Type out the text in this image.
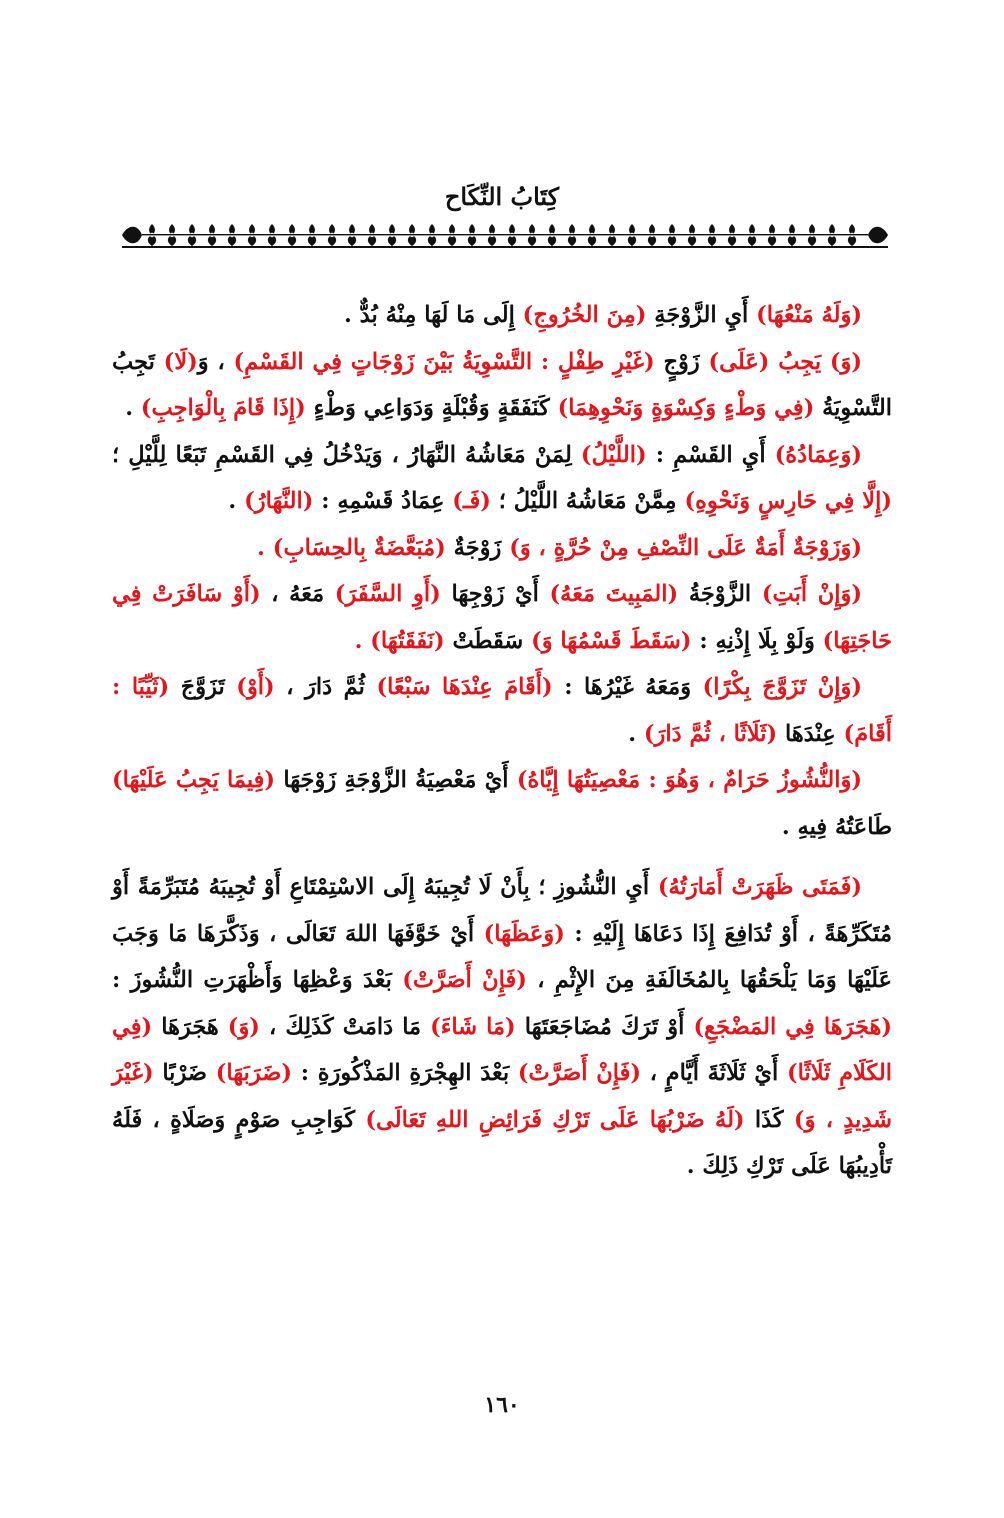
كِتَابُ النِّكَاح

(وَلَهُ مَنْعُهَا) أَيِ الزَّوْجَةِ (مِنَ الخُرُوجِ) إِلَى مَا لَهَا مِنْهُ بُدٌّ .

(وَ) يَجِبُ (عَلَى) زَوْجٍ (غَيْرِ طِفْلٍ : التَّسْوِيَةُ بَيْنَ زَوْجَاتٍ فِي القَسْمِ) ، وَ(لَا) تَجِبُ التَّسْوِيَةُ (فِي وَطْءٍ وَكِسْوَةٍ وَنَحْوِهِمَا) كَنَفَقَةٍ وَقُبْلَةٍ وَدَوَاعِي وَطْءٍ (إِذَا قَامَ بِالْوَاجِبِ) .

(وَعِمَادُهُ) أَيِ القَسْمِ : (اللَّيْلُ) لِمَنْ مَعَاشُهُ النَّهَارُ ، وَيَدْخُلُ فِي القَسْمِ تَبَعًا لِلَّيْلِ ؛ (إِلَّا فِي حَارِسٍ وَنَحْوِهِ) مِمَّنْ مَعَاشُهُ اللَّيْلُ ؛ (فَـ) عِمَادُ قَسْمِهِ : (النَّهَارُ) .

(وَزَوْجَةٌ أَمَةٌ عَلَى النِّصْفِ مِنْ حُرَّةٍ ، وَ) زَوْجَةٌ (مُبَعَّضَةٌ بِالحِسَابِ) .

(وَإِنْ أَبَتِ) الزَّوْجَةُ (المَبِيتَ مَعَهُ) أَيْ زَوْجِهَا (أَوِ السَّفَرَ) مَعَهُ ، (أَوْ سَافَرَتْ فِي حَاجَتِهَا) وَلَوْ بِلَا إِذْنِهِ : (سَقَطَ قَسْمُهَا وَ) سَقَطَتْ (نَفَقَتُهَا) .

(وَإِنْ تَزَوَّجَ بِكْرًا) وَمَعَهُ غَيْرُهَا : (أَقَامَ عِنْدَهَا سَبْعًا) ثُمَّ دَارَ ، (أَوْ) تَزَوَّجَ (ثَيِّبًا : أَقَامَ) عِنْدَهَا (ثَلَاثًا ، ثُمَّ دَارَ) .

(وَالنُّشُوزُ حَرَامٌ ، وَهُوَ : مَعْصِيَتُهَا إِيَّاهُ) أَيْ مَعْصِيَةُ الزَّوْجَةِ زَوْجَهَا (فِيمَا يَجِبُ عَلَيْهَا) طَاعَتُهُ فِيهِ .

(فَمَتَى ظَهَرَتْ أَمَارَتُهُ) أَيِ النُّشُوزِ ؛ بِأَنْ لَا تُجِيبَهُ إِلَى الاسْتِمْتَاعِ أَوْ تُجِيبَهُ مُتَبَرِّمَةً أَوْ مُتَكَرِّهَةً ، أَوْ تُدَافِعَ إِذَا دَعَاهَا إِلَيْهِ : (وَعَظَهَا) أَيْ خَوَّفَهَا اللهَ تَعَالَى ، وَذَكَّرَهَا مَا وَجَبَ عَلَيْهَا وَمَا يَلْحَقُهَا بِالمُخَالَفَةِ مِنَ الإِثْمِ ، (فَإِنْ أَصَرَّتْ) بَعْدَ وَعْظِهَا وَأَظْهَرَتِ النُّشُوزَ : (هَجَرَهَا فِي المَضْجَعِ) أَوْ تَرَكَ مُضَاجَعَتَهَا (مَا شَاءَ) مَا دَامَتْ كَذَلِكَ ، (وَ) هَجَرَهَا (فِي الكَلَامِ ثَلَاثًا) أَيْ ثَلَاثَةَ أَيَّامٍ ، (فَإِنْ أَصَرَّتْ) بَعْدَ الهِجْرَةِ المَذْكُورَةِ : (ضَرَبَهَا) ضَرْبًا (غَيْرَ شَدِيدٍ ، وَ) كَذَا (لَهُ ضَرْبُهَا عَلَى تَرْكِ فَرَائِضِ اللهِ تَعَالَى) كَوَاجِبِ صَوْمٍ وَصَلَاةٍ ، فَلَهُ تَأْدِيبُهَا عَلَى تَرْكِ ذَلِكَ .

١٦٠
